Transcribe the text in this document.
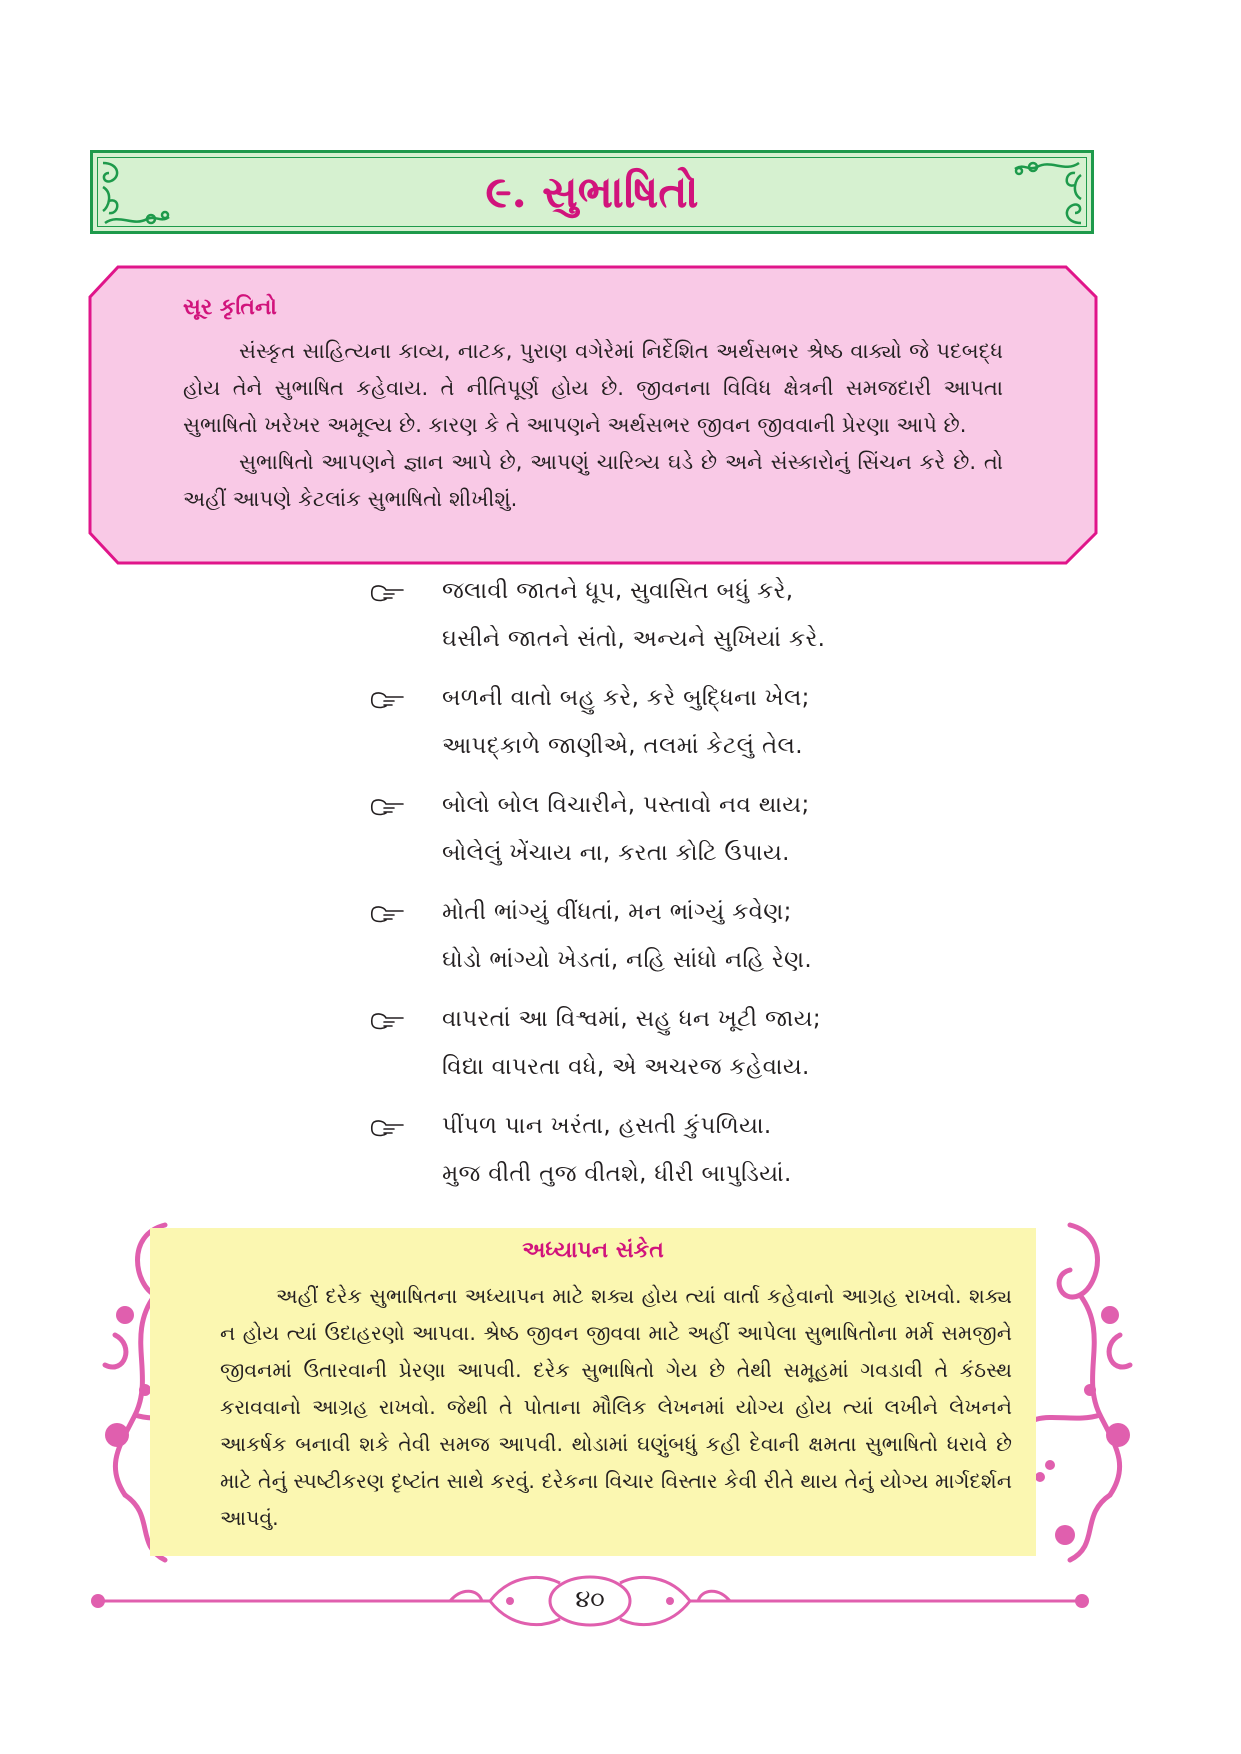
૯. સુભાષિતો
સૂર કૃતિનો

સંસ્કૃત સાહિત્યના કાવ્ય, નાટક, પુરાણ વગેરેમાં નિર્દેશિત અર્થસભર શ્રેષ્ઠ વાક્યો જે પદબદ્ધ હોય તેને સુભાષિત કહેવાય. તે નીતિપૂર્ણ હોય છે. જીવનના વિવિધ ક્ષેત્રની સમજદારી આપતા સુભાષિતો ખરેખર અમૂલ્ય છે. કારણ કે તે આપણને અર્થસભર જીવન જીવવાની પ્રેરણા આપે છે.

સુભાષિતો આપણને જ્ઞાન આપે છે, આપણું ચારિત્ર્ય ઘડે છે અને સંસ્કારોનું સિંચન કરે છે. તો અહીં આપણે કેટલાંક સુભાષિતો શીખીશું.

જલાવી જાતને ધૂપ, સુવાસિત બધું કરે,
ઘસીને જાતને સંતો, અન્યને સુખિયાં કરે.
બળની વાતો બહુ કરે, કરે બુદ્ધિના ખેલ;
આપદ્કાળે જાણીએ, તલમાં કેટલું તેલ.
બોલો બોલ વિચારીને, પસ્તાવો નવ થાય;
બોલેલું ખેંચાય ના, કરતા કોટિ ઉપાય.
મોતી ભાંગ્યું વીંધતાં, મન ભાંગ્યું કવેણ;
ઘોડો ભાંગ્યો ખેડતાં, નહિ સાંધો નહિ રેણ.
વાપરતાં આ વિશ્વમાં, સહુ ધન ખૂટી જાય;
વિદ્યા વાપરતા વધે, એ અચરજ કહેવાય.
પીંપળ પાન ખરંતા, હસતી કુંપળિયા.
મુજ વીતી તુજ વીતશે, ધીરી બાપુડિયાં.
અધ્યાપન સંકેત

અહીં દરેક સુભાષિતના અધ્યાપન માટે શક્ય હોય ત્યાં વાર્તા કહેવાનો આગ્રહ રાખવો. શક્ય ન હોય ત્યાં ઉદાહરણો આપવા. શ્રેષ્ઠ જીવન જીવવા માટે અહીં આપેલા સુભાષિતોના મર્મ સમજીને જીવનમાં ઉતારવાની પ્રેરણા આપવી. દરેક સુભાષિતો ગેય છે તેથી સમૂહમાં ગવડાવી તે કંઠસ્થ કરાવવાનો આગ્રહ રાખવો. જેથી તે પોતાના મૌલિક લેખનમાં યોગ્ય હોય ત્યાં લખીને લેખનને આકર્ષક બનાવી શકે તેવી સમજ આપવી. થોડામાં ઘણુંબધું કહી દેવાની ક્ષમતા સુભાષિતો ધરાવે છે માટે તેનું સ્પષ્ટીકરણ દૃષ્ટાંત સાથે કરવું. દરેકના વિચાર વિસ્તાર કેવી રીતે થાય તેનું યોગ્ય માર્ગદર્શન આપવું.

૪૦
